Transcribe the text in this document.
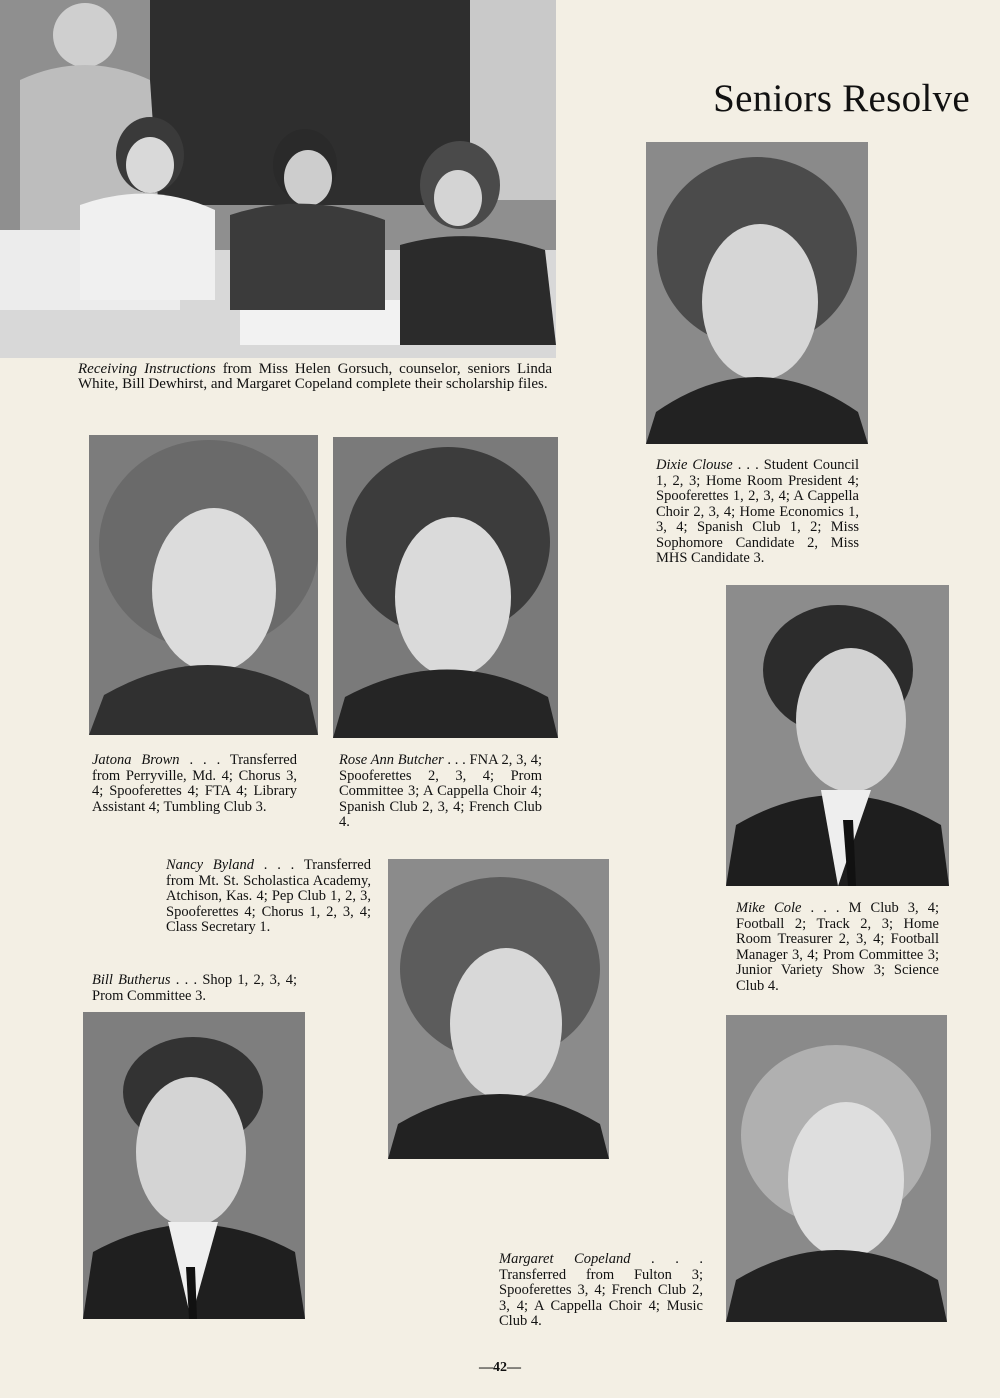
Seniors Resolve
Receiving Instructions from Miss Helen Gorsuch, counselor, seniors Linda White, Bill Dewhirst, and Margaret Copeland complete their scholarship files.
Dixie Clouse . . . Student Council 1, 2, 3; Home Room President 4; Spooferettes 1, 2, 3, 4; A Cappella Choir 2, 3, 4; Home Economics 1, 3, 4; Spanish Club 1, 2; Miss Sophomore Candidate 2, Miss MHS Candidate 3.
Jatona Brown . . . Transferred from Perryville, Md. 4; Chorus 3, 4; Spooferettes 4; FTA 4; Library Assistant 4; Tumbling Club 3.
Rose Ann Butcher . . . FNA 2, 3, 4; Spooferettes 2, 3, 4; Prom Committee 3; A Cappella Choir 4; Spanish Club 2, 3, 4; French Club 4.
Mike Cole . . . M Club 3, 4; Football 2; Track 2, 3; Home Room Treasurer 2, 3, 4; Football Manager 3, 4; Prom Committee 3; Junior Variety Show 3; Science Club 4.
Nancy Byland . . . Transferred from Mt. St. Scholastica Academy, Atchison, Kas. 4; Pep Club 1, 2, 3, Spooferettes 4; Chorus 1, 2, 3, 4; Class Secretary 1.
Bill Butherus . . . Shop 1, 2, 3, 4; Prom Committee 3.
Margaret Copeland . . . Transferred from Fulton 3; Spooferettes 3, 4; French Club 2, 3, 4; A Cappella Choir 4; Music Club 4.
—42—
